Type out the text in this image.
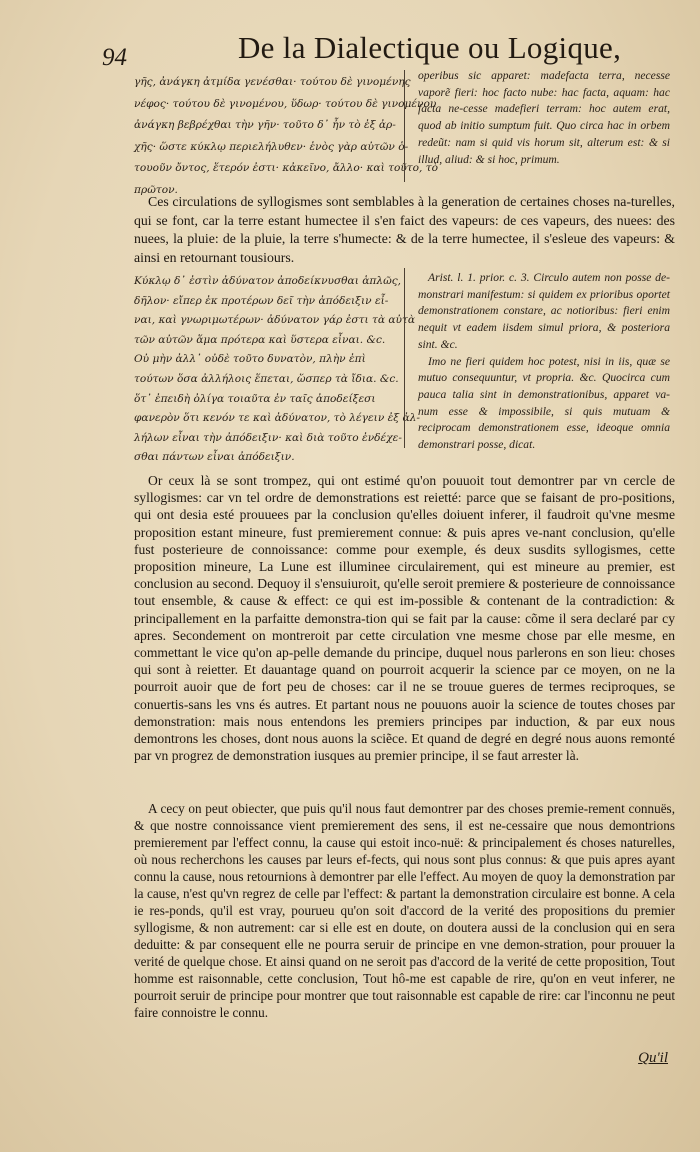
94	De la Dialectique ou Logique,
γῆς, ἀνάγκη ἀτμίδα γενέσθαι· τούτου δὲ γινομένης
νέφος· τούτου δὲ γινομένου, ὕδωρ· τούτου δὲ γινομένου
ἀνάγκη βεβρέχθαι τὴν γῆν· τοῦτο δ᾽ ἦν τὸ ἐξ ἀρ-
χῆς· ὥστε κύκλῳ περιελήλυθεν· ἑνὸς γὰρ αὐτῶν ὁ-
τουοῦν ὄντος, ἕτερόν ἐστι· κἀκεῖνο, ἄλλο· καὶ τοῦτο, τὸ
πρῶτον.
operibus sic apparet: madefacta terra, necesse vaporẽ fieri: hoc facto nube: hac facta, aquam: hac facta ne-cesse madefieri terram: hoc autem erat, quod ab initio sumptum fuit. Quo circa hac in orbem redeũt: nam si quid vis horum sit, alterum est: & si illud, aliud: & si hoc, primum.

Ces circulations de syllogismes sont semblables à la generation de certaines choses na-turelles, qui se font, car la terre estant humectee il s'en faict des vapeurs: de ces vapeurs, des nuees: des nuees, la pluie: de la pluie, la terre s'humecte: & de la terre humectee, il s'esleue des vapeurs: & ainsi en retournant tousiours.

Κύκλῳ δ᾽ ἐστὶν ἀδύνατον ἀποδείκνυσθαι ἁπλῶς,
δῆλον· εἴπερ ἐκ προτέρων δεῖ τὴν ἀπόδειξιν εἶ-
ναι, καὶ γνωριμωτέρων· ἀδύνατον γάρ ἐστι τὰ αὐτὰ
τῶν αὐτῶν ἅμα πρότερα καὶ ὕστερα εἶναι. &c.
Οὐ μὴν ἀλλ᾽ οὐδὲ τοῦτο δυνατὸν, πλὴν ἐπὶ
τούτων ὅσα ἀλλήλοις ἕπεται, ὥσπερ τὰ ἴδια. &c.
ὅτ᾽ ἐπειδὴ ὀλίγα τοιαῦτα ἐν ταῖς ἀποδείξεσι
φανερὸν ὅτι κενόν τε καὶ ἀδύνατον, τὸ λέγειν ἐξ ἀλ-
λήλων εἶναι τὴν ἀπόδειξιν· καὶ διὰ τοῦτο ἐνδέχε-
σθαι πάντων εἶναι ἀπόδειξιν.
Arist. l. 1. prior. c. 3. Circulo autem non posse de-monstrari manifestum: si quidem ex prioribus oportet demonstrationem constare, ac notioribus: fieri enim nequit vt eadem iisdem simul priora, & posteriora sint. &c.
Imo ne fieri quidem hoc potest, nisi in iis, quæ se mutuo consequuntur, vt propria. &c. Quocirca cum pauca talia sint in demonstrationibus, apparet va-num esse & impossibile, si quis mutuam & reciprocam demonstrationem esse, ideoque omnia demonstrari posse, dicat.

Or ceux là se sont trompez, qui ont estimé qu'on pouuoit tout demontrer par vn cercle de syllogismes: car vn tel ordre de demonstrations est reietté: parce que se faisant de pro-positions, qui ont desia esté prouuees par la conclusion qu'elles doiuent inferer, il faudroit qu'vne mesme proposition estant mineure, fust premierement connue: & puis apres ve-nant conclusion, qu'elle fust posterieure de connoissance: comme pour exemple, és deux susdits syllogismes, cette proposition mineure, La Lune est illuminee circulairement, qui est mineure au premier, est conclusion au second. Dequoy il s'ensuiuroit, qu'elle seroit premiere & posterieure de connoissance tout ensemble, & cause & effect: ce qui est im-possible & contenant de la contradiction: & principallement en la parfaitte demonstra-tion qui se fait par la cause: cõme il sera declaré par cy apres. Secondement on montreroit par cette circulation vne mesme chose par elle mesme, en commettant le vice qu'on ap-pelle demande du principe, duquel nous parlerons en son lieu: choses qui sont à reietter. Et dauantage quand on pourroit acquerir la science par ce moyen, on ne la pourroit auoir que de fort peu de choses: car il ne se trouue gueres de termes reciproques, se conuertis-sans les vns és autres. Et partant nous ne pouuons auoir la science de toutes choses par demonstration: mais nous entendons les premiers principes par induction, & par eux nous demontrons les choses, dont nous auons la sciẽce. Et quand de degré en degré nous auons remonté par vn progrez de demonstration iusques au premier principe, il se faut arrester là.

A cecy on peut obiecter, que puis qu'il nous faut demontrer par des choses premie-rement connuës, & que nostre connoissance vient premierement des sens, il est ne-cessaire que nous demontrions premierement par l'effect connu, la cause qui estoit inco-nuë: & principalement és choses naturelles, où nous recherchons les causes par leurs ef-fects, qui nous sont plus connus: & que puis apres ayant connu la cause, nous retournions à demontrer par elle l'effect. Au moyen de quoy la demonstration par la cause, n'est qu'vn regrez de celle par l'effect: & partant la demonstration circulaire est bonne. A cela ie res-ponds, qu'il est vray, pourueu qu'on soit d'accord de la verité des propositions du premier syllogisme, & non autrement: car si elle est en doute, on doutera aussi de la conclusion qui en sera deduitte: & par consequent elle ne pourra seruir de principe en vne demon-stration, pour prouuer la verité de quelque chose. Et ainsi quand on ne seroit pas d'accord de la verité de cette proposition, Tout homme est raisonnable, cette conclusion, Tout hô-me est capable de rire, qu'on en veut inferer, ne pourroit seruir de principe pour montrer que tout raisonnable est capable de rire: car l'inconnu ne peut faire connoistre le connu.

Qu'il
